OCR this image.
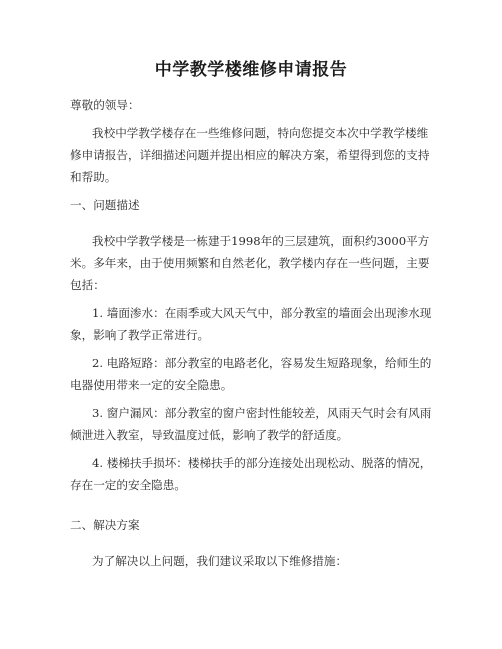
中学教学楼维修申请报告

尊敬的领导：

我校中学教学楼存在一些维修问题，特向您提交本次中学教学楼维修申请报告，详细描述问题并提出相应的解决方案，希望得到您的支持和帮助。

一、问题描述

我校中学教学楼是一栋建于1998年的三层建筑，面积约3000平方米。多年来，由于使用频繁和自然老化，教学楼内存在一些问题，主要包括：

1. 墙面渗水：在雨季或大风天气中，部分教室的墙面会出现渗水现象，影响了教学正常进行。

2. 电路短路：部分教室的电路老化，容易发生短路现象，给师生的电器使用带来一定的安全隐患。

3. 窗户漏风：部分教室的窗户密封性能较差，风雨天气时会有风雨倾泄进入教室，导致温度过低，影响了教学的舒适度。

4. 楼梯扶手损坏：楼梯扶手的部分连接处出现松动、脱落的情况，存在一定的安全隐患。

二、解决方案

为了解决以上问题，我们建议采取以下维修措施：
